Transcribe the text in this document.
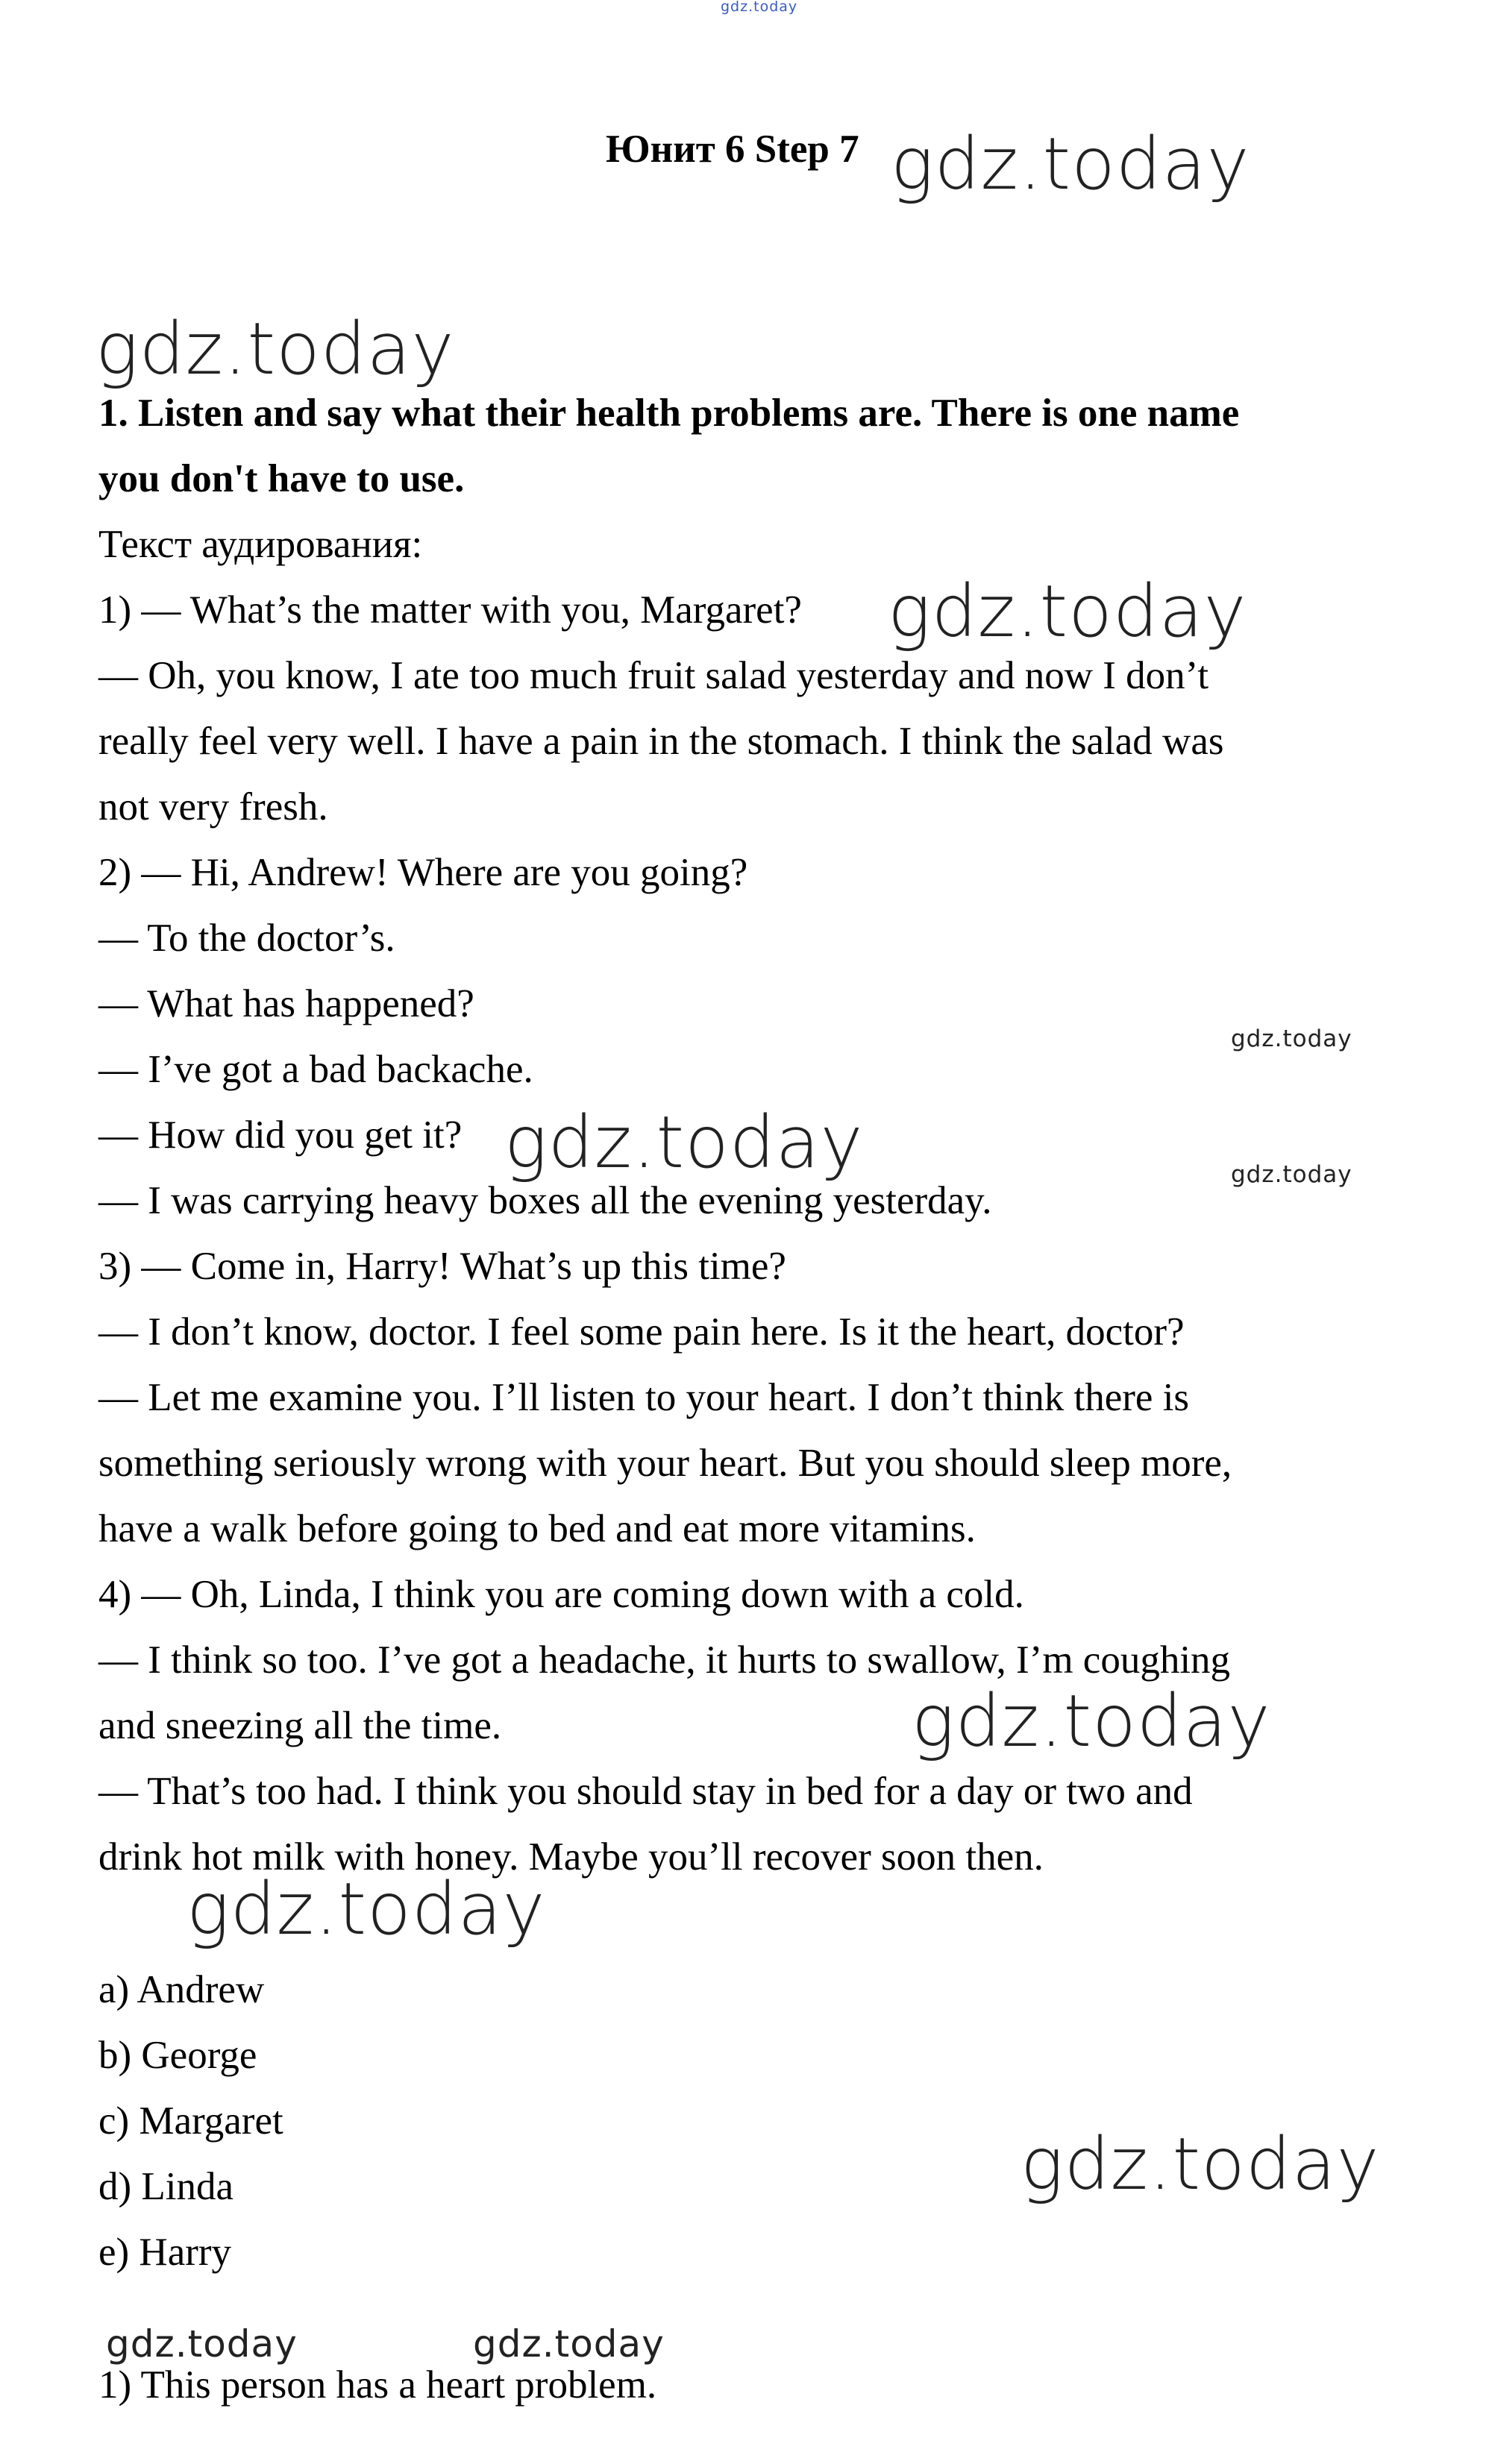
gdz.today
Юнит 6 Step 7 gdz.today
gdz.today
1. Listen and say what their health problems are. There is one name
you don't have to use.
Текст аудирования:
1) — What’s the matter with you, Margaret?
— Oh, you know, I ate too much fruit salad yesterday and now I don’t
really feel very well. I have a pain in the stomach. I think the salad was
not very fresh.
2) — Hi, Andrew! Where are you going?
— To the doctor’s.
— What has happened?
— I’ve got a bad backache.
— How did you get it?
— I was carrying heavy boxes all the evening yesterday.
3) — Come in, Harry! What’s up this time?
— I don’t know, doctor. I feel some pain here. Is it the heart, doctor?
— Let me examine you. I’ll listen to your heart. I don’t think there is
something seriously wrong with your heart. But you should sleep more,
have a walk before going to bed and eat more vitamins.
4) — Oh, Linda, I think you are coming down with a cold.
— I think so too. I’ve got a headache, it hurts to swallow, I’m coughing
and sneezing all the time.
— That’s too had. I think you should stay in bed for a day or two and
drink hot milk with honey. Maybe you’ll recover soon then.
gdz.today
gdz.today
gdz.today	gdz.today
gdz.today
gdz.today
a) Andrew
b) George
c) Margaret
d) Linda
e) Harry
gdz.today
gdz.today	gdz.today
1) This person has a heart problem.
